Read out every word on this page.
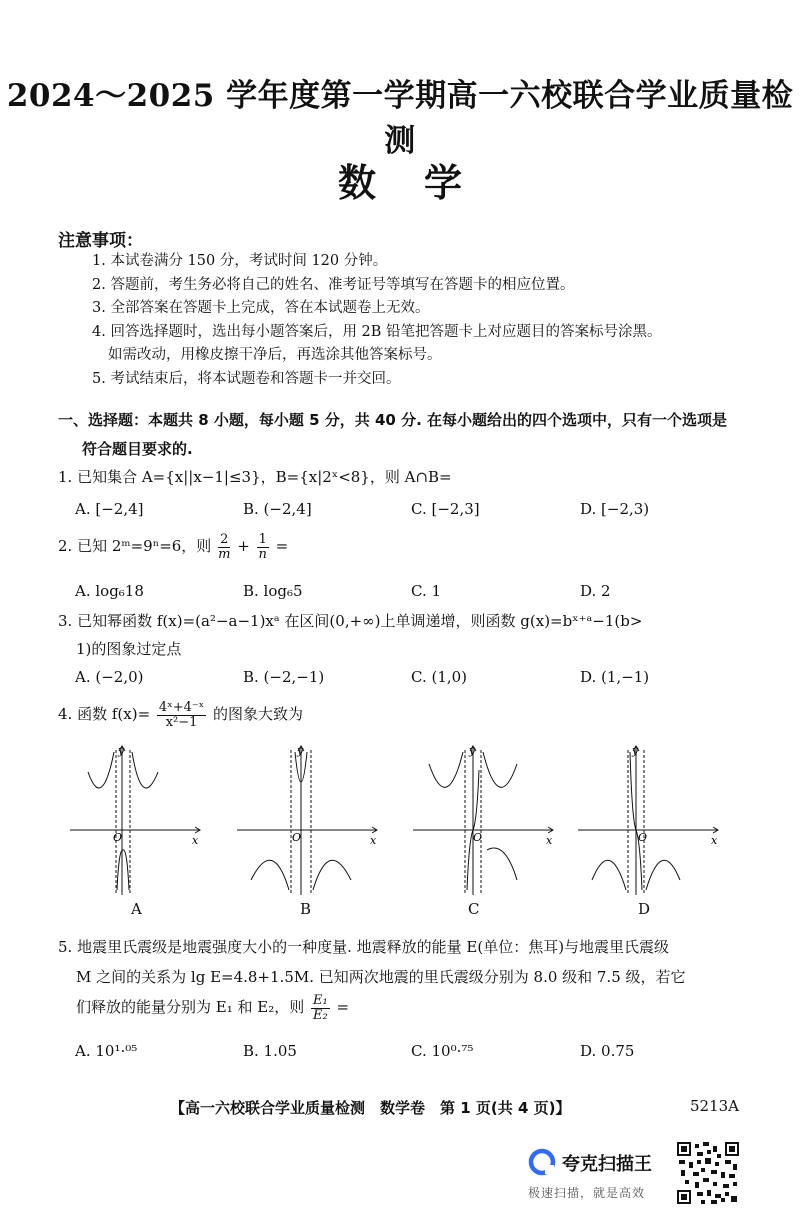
2024～2025 学年度第一学期高一六校联合学业质量检测
数学
注意事项：
1. 本试卷满分 150 分，考试时间 120 分钟。
2. 答题前，考生务必将自己的姓名、准考证号等填写在答题卡的相应位置。
3. 全部答案在答题卡上完成，答在本试题卷上无效。
4. 回答选择题时，选出每小题答案后，用 2B 铅笔把答题卡上对应题目的答案标号涂黑。
如需改动，用橡皮擦干净后，再选涂其他答案标号。
5. 考试结束后，将本试题卷和答题卡一并交回。
一、选择题：本题共 8 小题，每小题 5 分，共 40 分. 在每小题给出的四个选项中，只有一个选项是
符合题目要求的.
1. 已知集合 A={x||x−1|≤3}，B={x|2ˣ<8}，则 A∩B=
A. [−2,4]	B. (−2,4]	C. [−2,3]	D. [−2,3)
2. 已知 2ᵐ=9ⁿ=6，则 $\frac{2}{m} + \frac{1}{n}$ =
A. log₆18	B. log₆5	C. 1	D. 2
3. 已知幂函数 f(x)=(a²−a−1)xᵃ 在区间(0,+∞)上单调递增，则函数 g(x)=bˣ⁺ᵃ−1(b>
1)的图象过定点
A. (−2,0)	B. (−2,−1)	C. (1,0)	D. (1,−1)
4. 函数 $f(x)= \frac{\text{4ˣ+4⁻ˣ}}{\text{x²−1}}$ 的图象大致为
y
x
O
y
x
O
y
x
O
y
x
O
A	B	C	D
5. 地震里氏震级是地震强度大小的一种度量. 地震释放的能量 E(单位：焦耳)与地震里氏震级
M 之间的关系为 lg E=4.8+1.5M. 已知两次地震的里氏震级分别为 8.0 级和 7.5 级，若它
们释放的能量分别为 E₁ 和 E₂，则 $\frac{\text{E₁}}{\text{E₂}}$ =
A. 10¹·⁰⁵	B. 1.05	C. 10⁰·⁷⁵	D. 0.75
【高一六校联合学业质量检测　数学卷　第 1 页(共 4 页)】	5213A
夸克扫描王
极速扫描，就是高效
